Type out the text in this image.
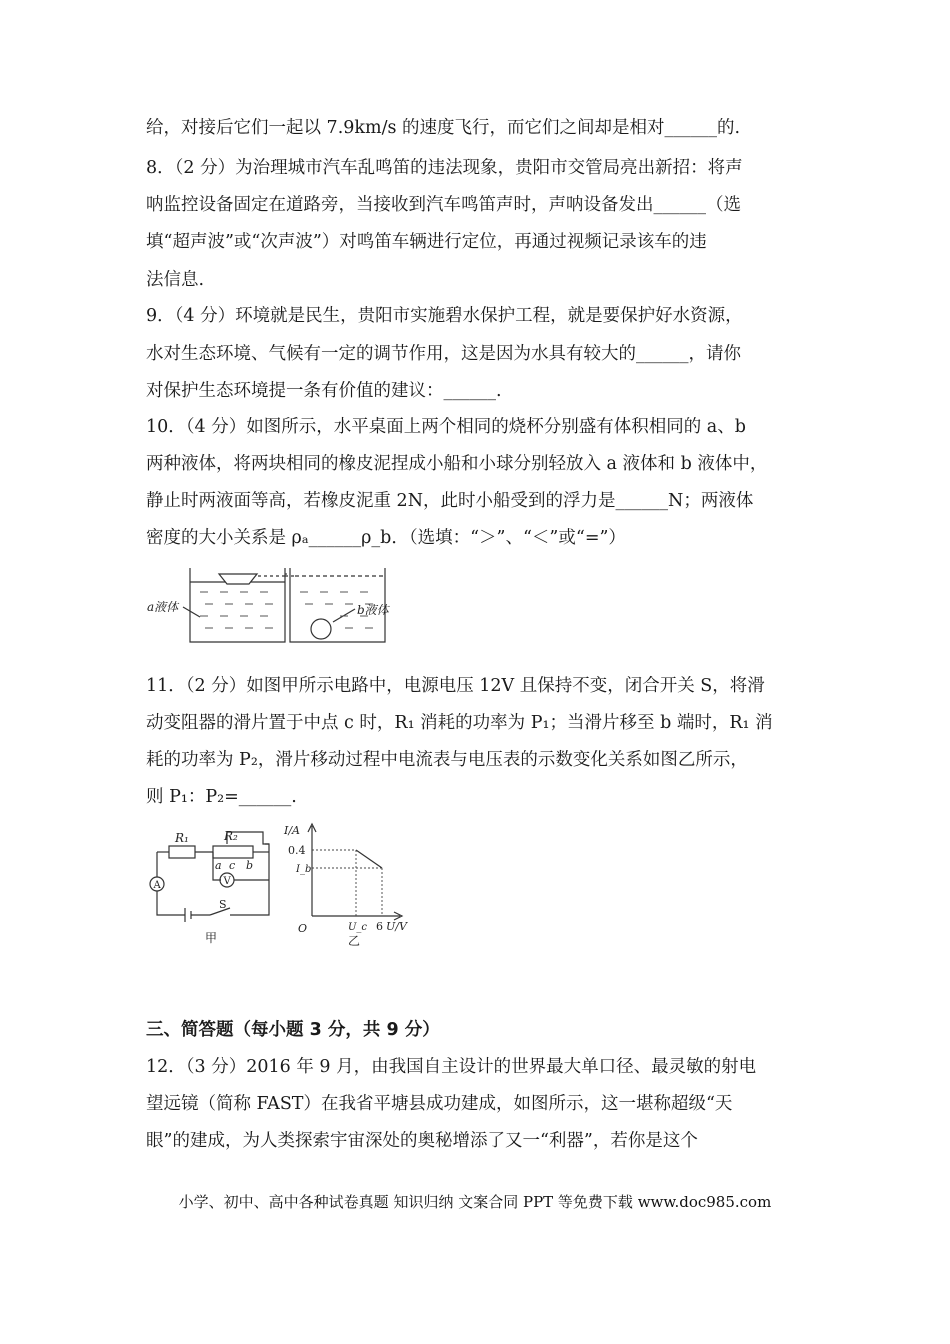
给，对接后它们一起以 7.9km/s 的速度飞行，而它们之间却是相对______的.
8．（2 分）为治理城市汽车乱鸣笛的违法现象，贵阳市交管局亮出新招：将声
呐监控设备固定在道路旁，当接收到汽车鸣笛声时，声呐设备发出______（选
填“超声波”或“次声波”）对鸣笛车辆进行定位，再通过视频记录该车的违
法信息.
9．（4 分）环境就是民生，贵阳市实施碧水保护工程，就是要保护好水资源，
水对生态环境、气候有一定的调节作用，这是因为水具有较大的______，请你
对保护生态环境提一条有价值的建议：______.
10．（4 分）如图所示，水平桌面上两个相同的烧杯分别盛有体积相同的 a、b
两种液体，将两块相同的橡皮泥捏成小船和小球分别轻放入 a 液体和 b 液体中，
静止时两液面等高，若橡皮泥重 2N，此时小船受到的浮力是______N；两液体
密度的大小关系是 ρₐ______ρ_b．（选填：“＞”、“＜”或“=”）
a液体	b液体
11．（2 分）如图甲所示电路中，电源电压 12V 且保持不变，闭合开关 S，将滑
动变阻器的滑片置于中点 c 时，R₁ 消耗的功率为 P₁；当滑片移至 b 端时，R₁ 消
耗的功率为 P₂，滑片移动过程中电流表与电压表的示数变化关系如图乙所示，
则 P₁：P₂=______.
A	V
R₁	R₂
a c b
S
甲
I/A
0.4
I_b
O	U_c 6 U/V
乙
三、简答题（每小题 3 分，共 9 分）
12．（3 分）2016 年 9 月，由我国自主设计的世界最大单口径、最灵敏的射电
望远镜（简称 FAST）在我省平塘县成功建成，如图所示，这一堪称超级“天
眼”的建成，为人类探索宇宙深处的奥秘增添了又一“利器”，若你是这个
小学、初中、高中各种试卷真题 知识归纳 文案合同 PPT 等免费下载 www.doc985.com
